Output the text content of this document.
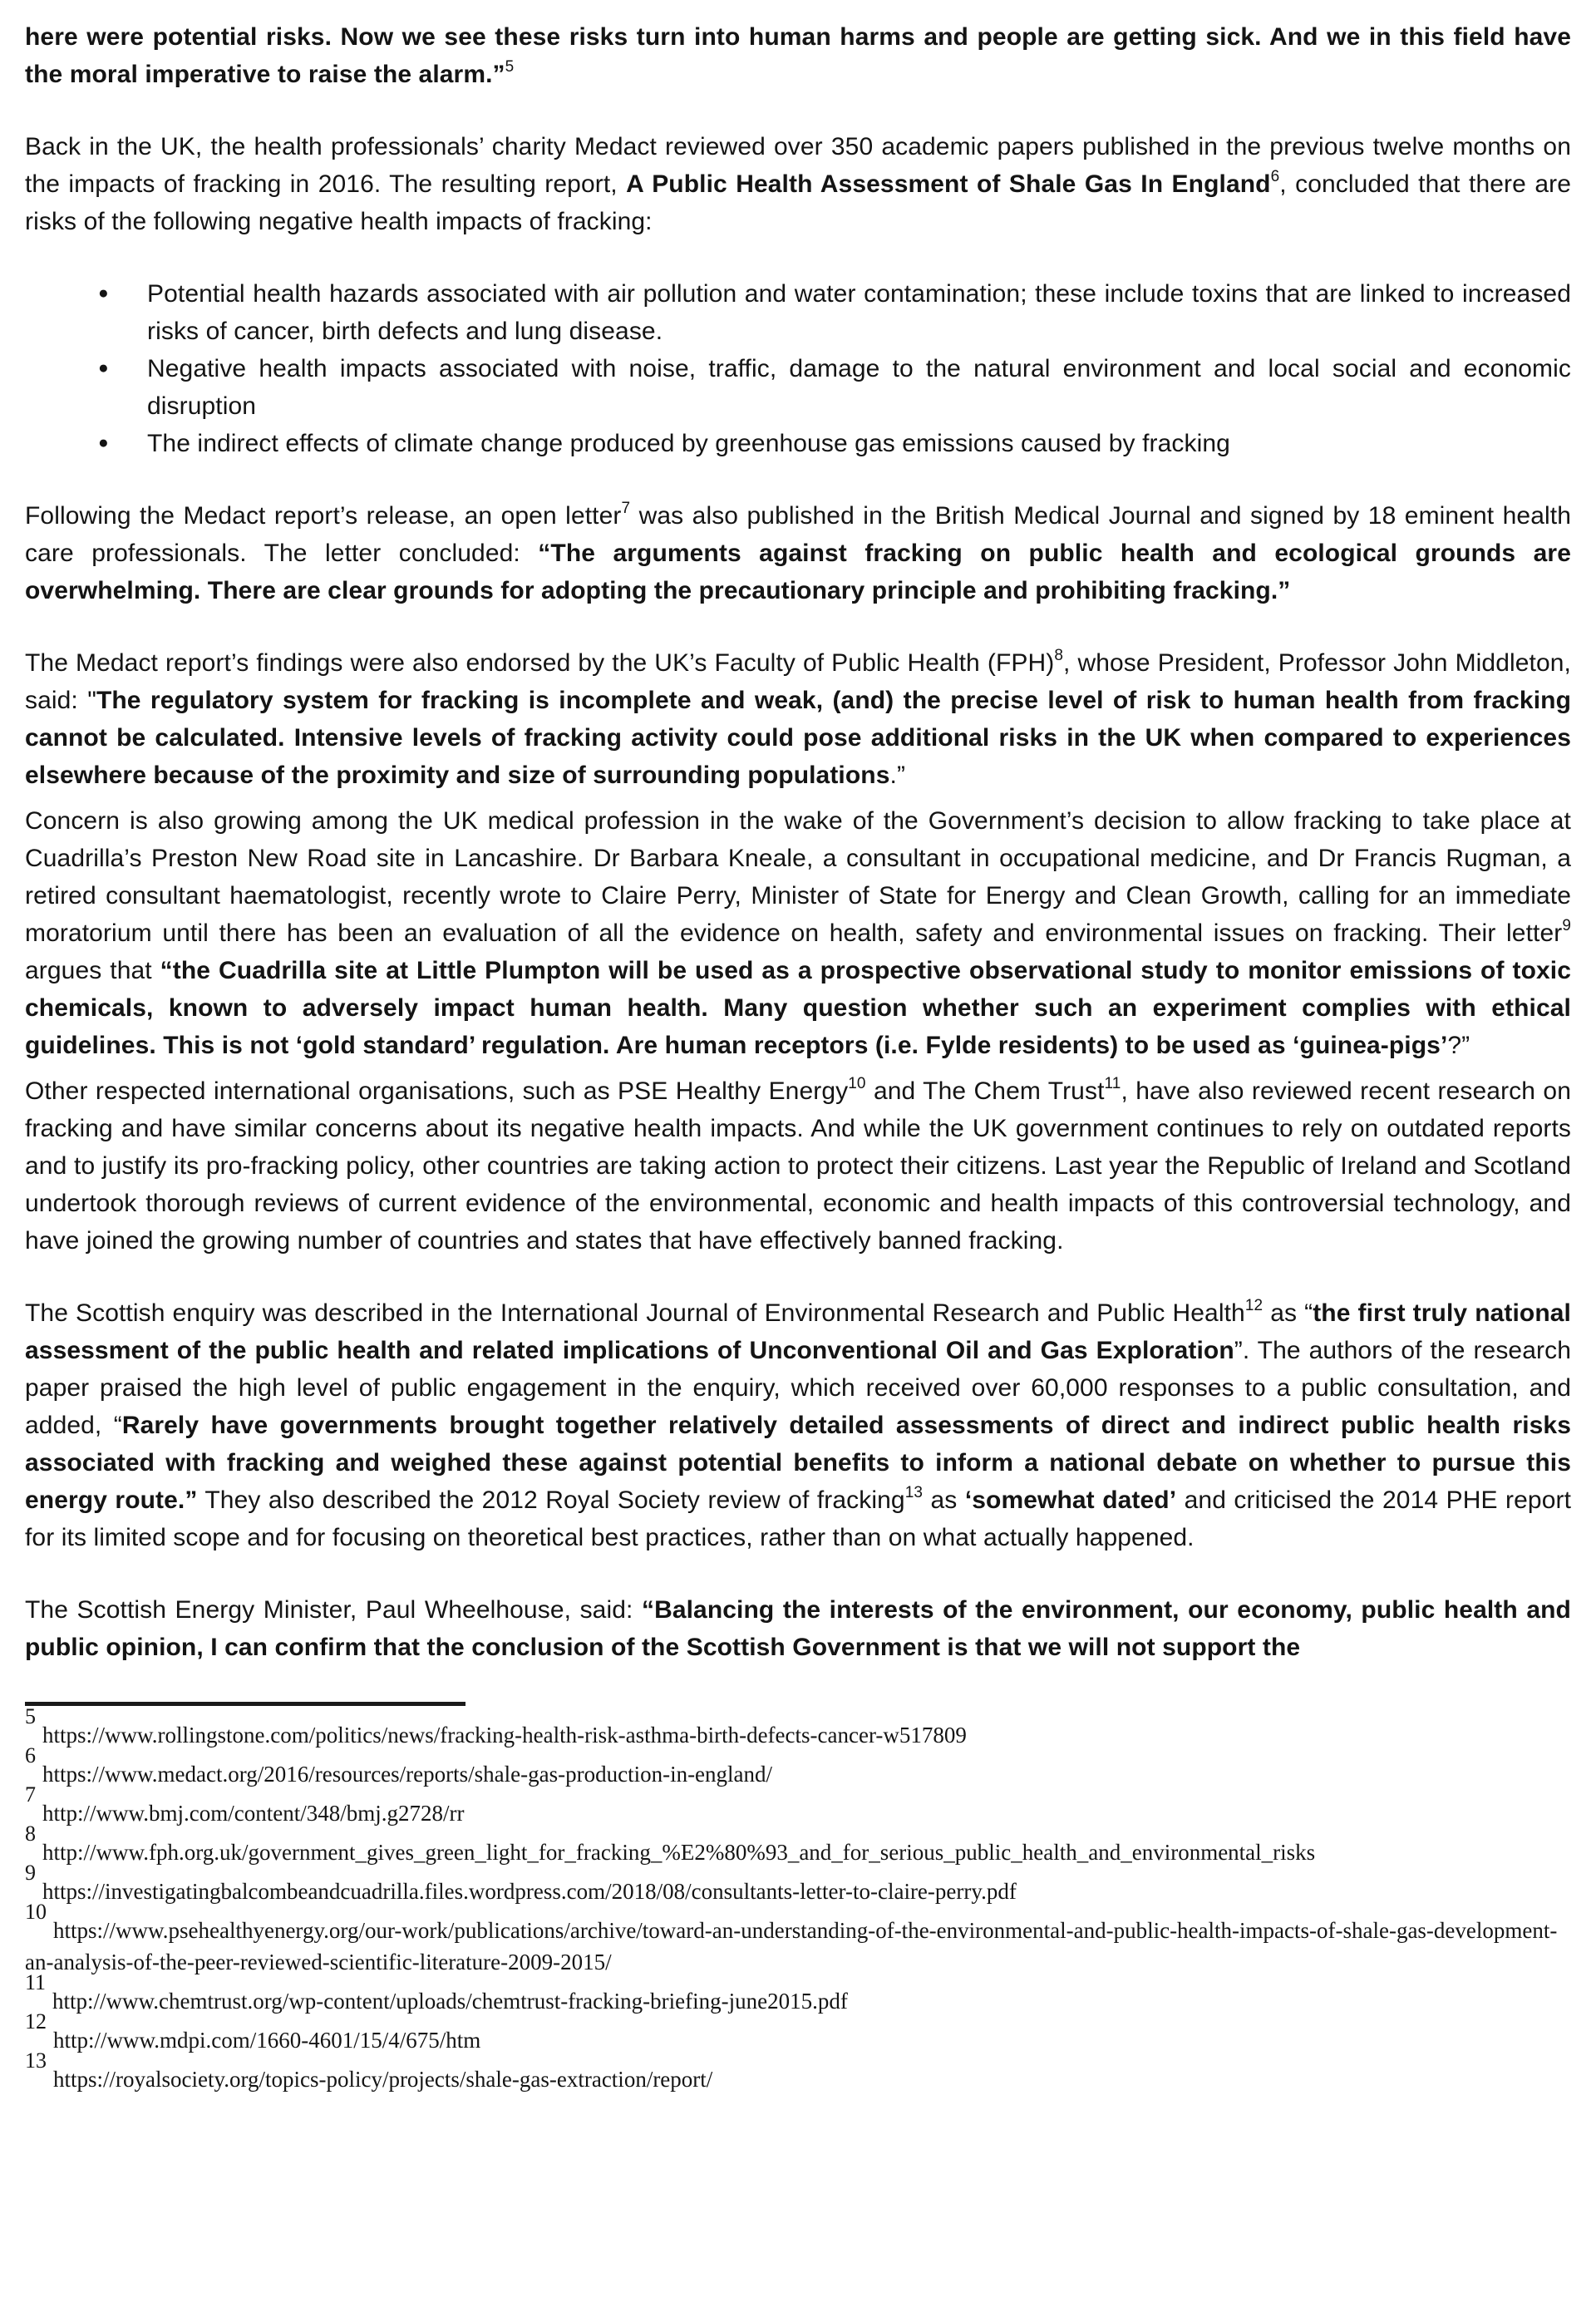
here were potential risks. Now we see these risks turn into human harms and people are getting sick. And we in this field have the moral imperative to raise the alarm.”$^5$
Back in the UK, the health professionals’ charity Medact reviewed over 350 academic papers published in the previous twelve months on the impacts of fracking in 2016. The resulting report, A Public Health Assessment of Shale Gas In England$^6$, concluded that there are risks of the following negative health impacts of fracking:
● Potential health hazards associated with air pollution and water contamination; these include toxins that are linked to increased risks of cancer, birth defects and lung disease.
● Negative health impacts associated with noise, traffic, damage to the natural environment and local social and economic disruption
● The indirect effects of climate change produced by greenhouse gas emissions caused by fracking
Following the Medact report’s release, an open letter$^7$ was also published in the British Medical Journal and signed by 18 eminent health care professionals. The letter concluded: “The arguments against fracking on public health and ecological grounds are overwhelming. There are clear grounds for adopting the precautionary principle and prohibiting fracking.”
The Medact report’s findings were also endorsed by the UK’s Faculty of Public Health (FPH)$^8$, whose President, Professor John Middleton, said: "The regulatory system for fracking is incomplete and weak, (and) the precise level of risk to human health from fracking cannot be calculated. Intensive levels of fracking activity could pose additional risks in the UK when compared to experiences elsewhere because of the proximity and size of surrounding populations.”
Concern is also growing among the UK medical profession in the wake of the Government’s decision to allow fracking to take place at Cuadrilla’s Preston New Road site in Lancashire. Dr Barbara Kneale, a consultant in occupational medicine, and Dr Francis Rugman, a retired consultant haematologist, recently wrote to Claire Perry, Minister of State for Energy and Clean Growth, calling for an immediate moratorium until there has been an evaluation of all the evidence on health, safety and environmental issues on fracking. Their letter$^9$ argues that “the Cuadrilla site at Little Plumpton will be used as a prospective observational study to monitor emissions of toxic chemicals, known to adversely impact human health. Many question whether such an experiment complies with ethical guidelines. This is not ‘gold standard’ regulation. Are human receptors (i.e. Fylde residents) to be used as ‘guinea-pigs’?”
Other respected international organisations, such as PSE Healthy Energy$^{10}$ and The Chem Trust$^{11}$, have also reviewed recent research on fracking and have similar concerns about its negative health impacts. And while the UK government continues to rely on outdated reports and to justify its pro-fracking policy, other countries are taking action to protect their citizens. Last year the Republic of Ireland and Scotland undertook thorough reviews of current evidence of the environmental, economic and health impacts of this controversial technology, and have joined the growing number of countries and states that have effectively banned fracking.
The Scottish enquiry was described in the International Journal of Environmental Research and Public Health$^{12}$ as “the first truly national assessment of the public health and related implications of Unconventional Oil and Gas Exploration”. The authors of the research paper praised the high level of public engagement in the enquiry, which received over 60,000 responses to a public consultation, and added, “Rarely have governments brought together relatively detailed assessments of direct and indirect public health risks associated with fracking and weighed these against potential benefits to inform a national debate on whether to pursue this energy route.” They also described the 2012 Royal Society review of fracking$^{13}$ as ‘somewhat dated’ and criticised the 2014 PHE report for its limited scope and for focusing on theoretical best practices, rather than on what actually happened.
The Scottish Energy Minister, Paul Wheelhouse, said: “Balancing the interests of the environment, our economy, public health and public opinion, I can confirm that the conclusion of the Scottish Government is that we will not support the
$^5$https://www.rollingstone.com/politics/news/fracking-health-risk-asthma-birth-defects-cancer-w517809
$^6$https://www.medact.org/2016/resources/reports/shale-gas-production-in-england/
$^7$http://www.bmj.com/content/348/bmj.g2728/rr
$^8$http://www.fph.org.uk/government_gives_green_light_for_fracking_%E2%80%93_and_for_serious_public_health_and_environmental_risks
$^9$https://investigatingbalcombeandcuadrilla.files.wordpress.com/2018/08/consultants-letter-to-claire-perry.pdf
$^{10}$https://www.psehealthyenergy.org/our-work/publications/archive/toward-an-understanding-of-the-environmental-and-public-health-impacts-of-shale-gas-development-an-analysis-of-the-peer-reviewed-scientific-literature-2009-2015/
$^{11}$http://www.chemtrust.org/wp-content/uploads/chemtrust-fracking-briefing-june2015.pdf
$^{12}$http://www.mdpi.com/1660-4601/15/4/675/htm
$^{13}$https://royalsociety.org/topics-policy/projects/shale-gas-extraction/report/
